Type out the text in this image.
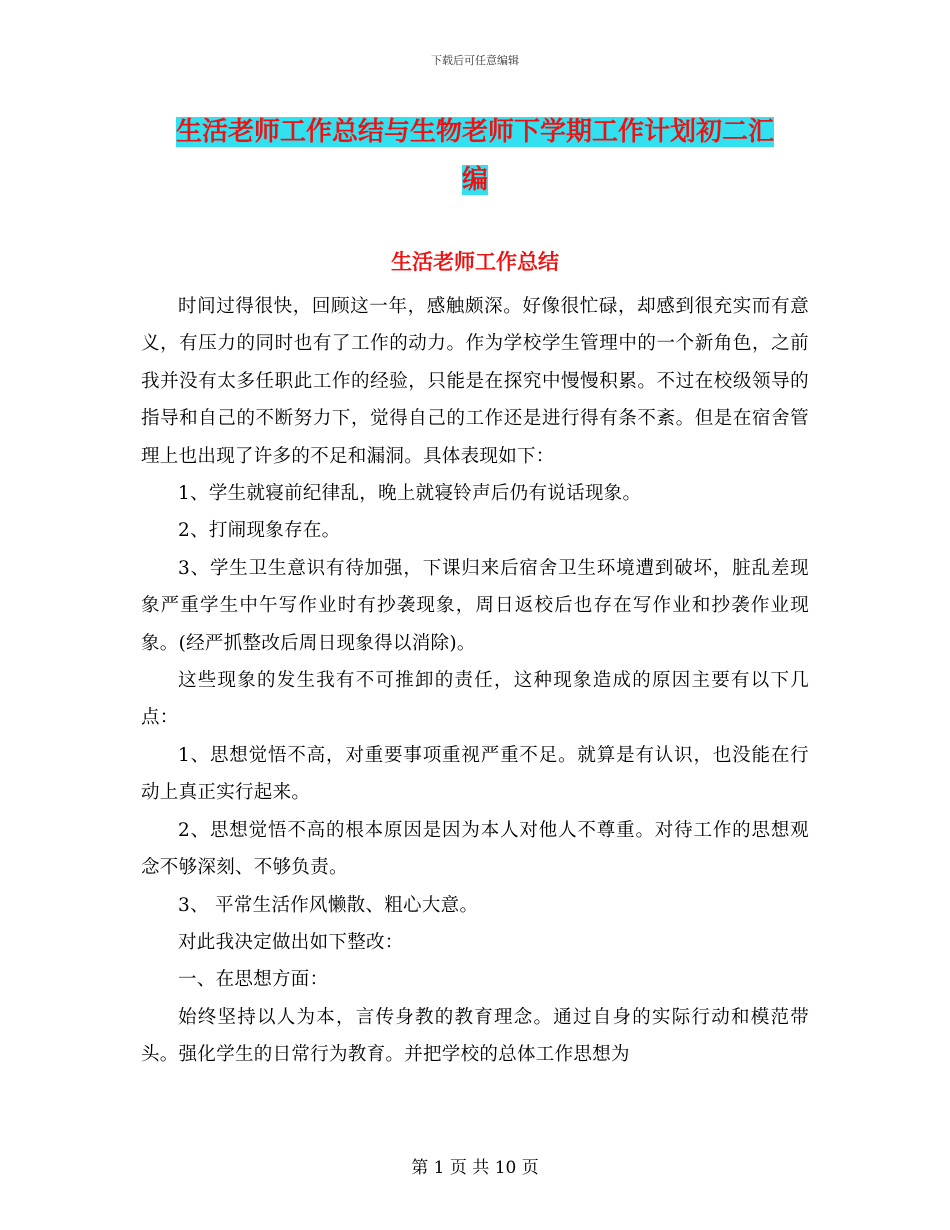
下载后可任意编辑
生活老师工作总结与生物老师下学期工作计划初二汇
编
生活老师工作总结

时间过得很快，回顾这一年，感触颇深。好像很忙碌，却感到很充实而有意义，有压力的同时也有了工作的动力。作为学校学生管理中的一个新角色，之前我并没有太多任职此工作的经验，只能是在探究中慢慢积累。不过在校级领导的指导和自己的不断努力下，觉得自己的工作还是进行得有条不紊。但是在宿舍管理上也出现了许多的不足和漏洞。具体表现如下：

1、学生就寝前纪律乱，晚上就寝铃声后仍有说话现象。

2、打闹现象存在。

3、学生卫生意识有待加强，下课归来后宿舍卫生环境遭到破坏，脏乱差现象严重学生中午写作业时有抄袭现象，周日返校后也存在写作业和抄袭作业现象。(经严抓整改后周日现象得以消除)。

这些现象的发生我有不可推卸的责任，这种现象造成的原因主要有以下几点：

1、思想觉悟不高，对重要事项重视严重不足。就算是有认识，也没能在行动上真正实行起来。

2、思想觉悟不高的根本原因是因为本人对他人不尊重。对待工作的思想观念不够深刻、不够负责。

3、 平常生活作风懒散、粗心大意。

对此我决定做出如下整改：

一、在思想方面：

始终坚持以人为本，言传身教的教育理念。通过自身的实际行动和模范带头。强化学生的日常行为教育。并把学校的总体工作思想为

第 1 页 共 10 页
